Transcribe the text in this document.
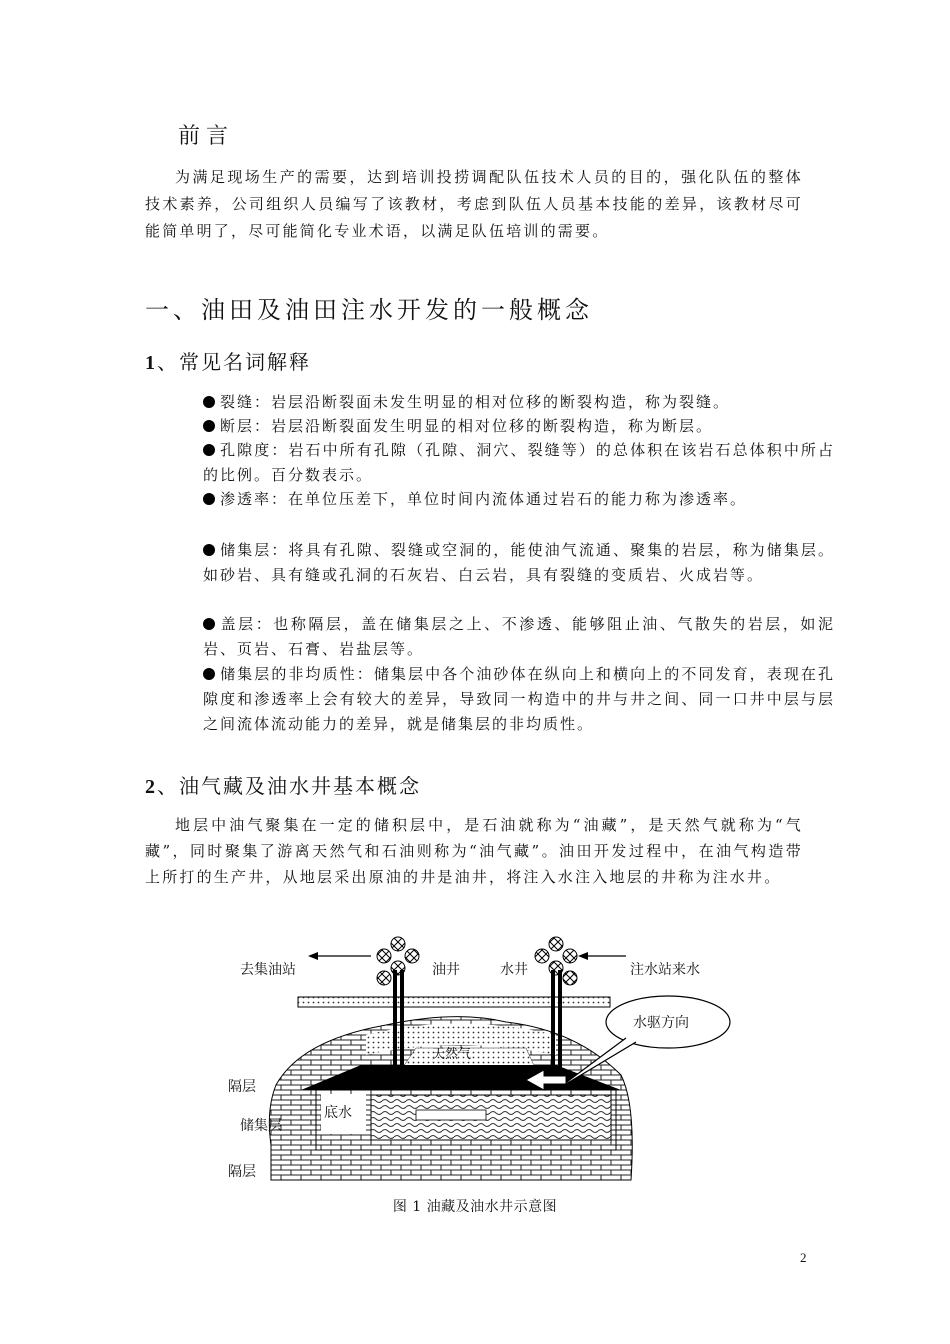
前言

为满足现场生产的需要，达到培训投捞调配队伍技术人员的目的，强化队伍的整体技术素养，公司组织人员编写了该教材，考虑到队伍人员基本技能的差异，该教材尽可能简单明了，尽可能简化专业术语，以满足队伍培训的需要。

一、油田及油田注水开发的一般概念
1、常见名词解释

裂缝：岩层沿断裂面未发生明显的相对位移的断裂构造，称为裂缝。

断层：岩层沿断裂面发生明显的相对位移的断裂构造，称为断层。

孔隙度：岩石中所有孔隙（孔隙、洞穴、裂缝等）的总体积在该岩石总体积中所占的比例。百分数表示。

渗透率：在单位压差下，单位时间内流体通过岩石的能力称为渗透率。

储集层：将具有孔隙、裂缝或空洞的，能使油气流通、聚集的岩层，称为储集层。如砂岩、具有缝或孔洞的石灰岩、白云岩，具有裂缝的变质岩、火成岩等。

盖层：也称隔层，盖在储集层之上、不渗透、能够阻止油、气散失的岩层，如泥岩、页岩、石膏、岩盐层等。

储集层的非均质性：储集层中各个油砂体在纵向上和横向上的不同发育，表现在孔隙度和渗透率上会有较大的差异，导致同一构造中的井与井之间、同一口井中层与层之间流体流动能力的差异，就是储集层的非均质性。

2、油气藏及油水井基本概念

地层中油气聚集在一定的储积层中，是石油就称为“油藏”，是天然气就称为“气藏”，同时聚集了游离天然气和石油则称为“油气藏”。油田开发过程中，在油气构造带上所打的生产井，从地层采出原油的井是油井，将注入水注入地层的井称为注水井。

天然气
底水
水驱方向
去集油站	油井	水井	注水站来水
隔层
储集层
隔层
图 1 油藏及油水井示意图
2
